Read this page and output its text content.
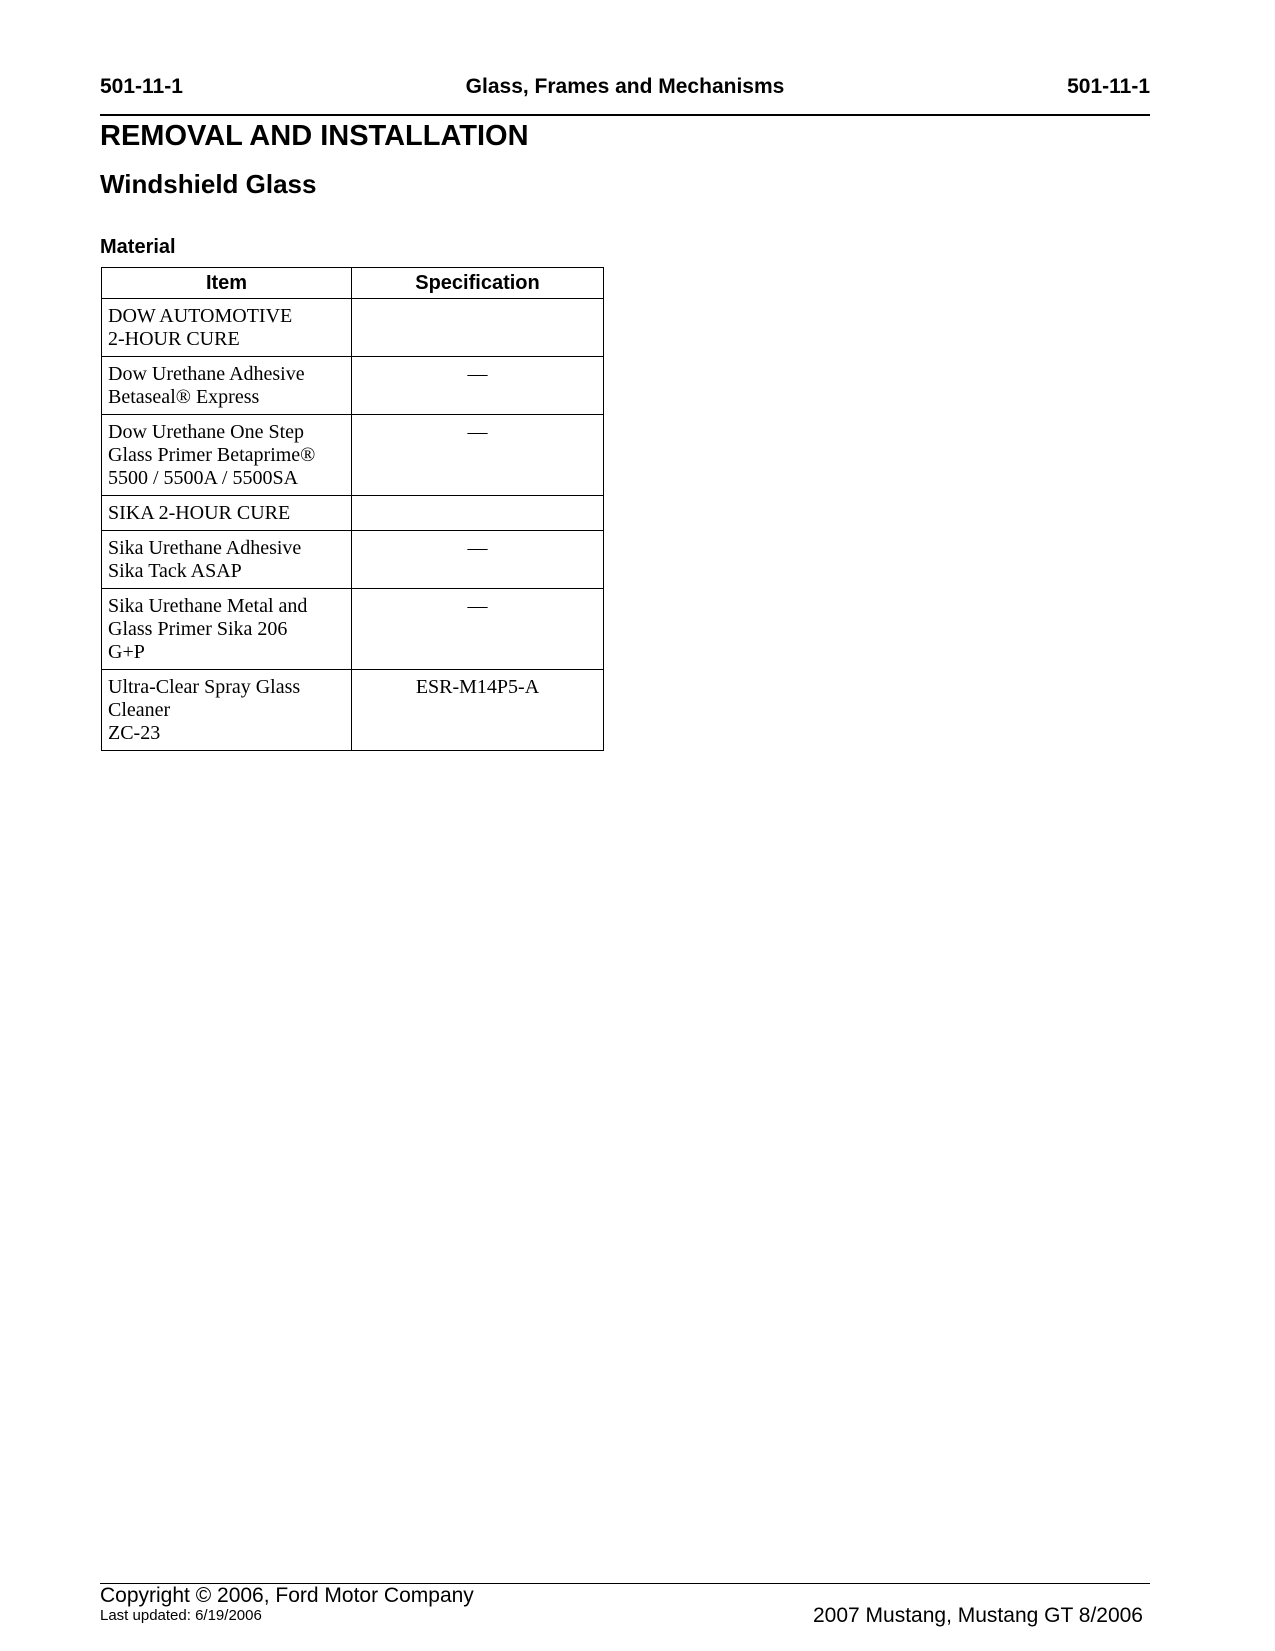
Glass, Frames and Mechanisms
501-11-1	501-11-1
REMOVAL AND INSTALLATION
Windshield Glass
Material
Item	Specification

DOW AUTOMOTIVE
2-HOUR CURE	

Dow Urethane Adhesive
Betaseal® Express	—

Dow Urethane One Step
Glass Primer Betaprime®
5500 / 5500A / 5500SA	—

SIKA 2-HOUR CURE	

Sika Urethane Adhesive
Sika Tack ASAP	—

Sika Urethane Metal and
Glass Primer Sika 206
G+P	—

Ultra-Clear Spray Glass
Cleaner
ZC-23	ESR-M14P5-A
Copyright © 2006, Ford Motor Company
Last updated: 6/19/2006	2007 Mustang, Mustang GT 8/2006
